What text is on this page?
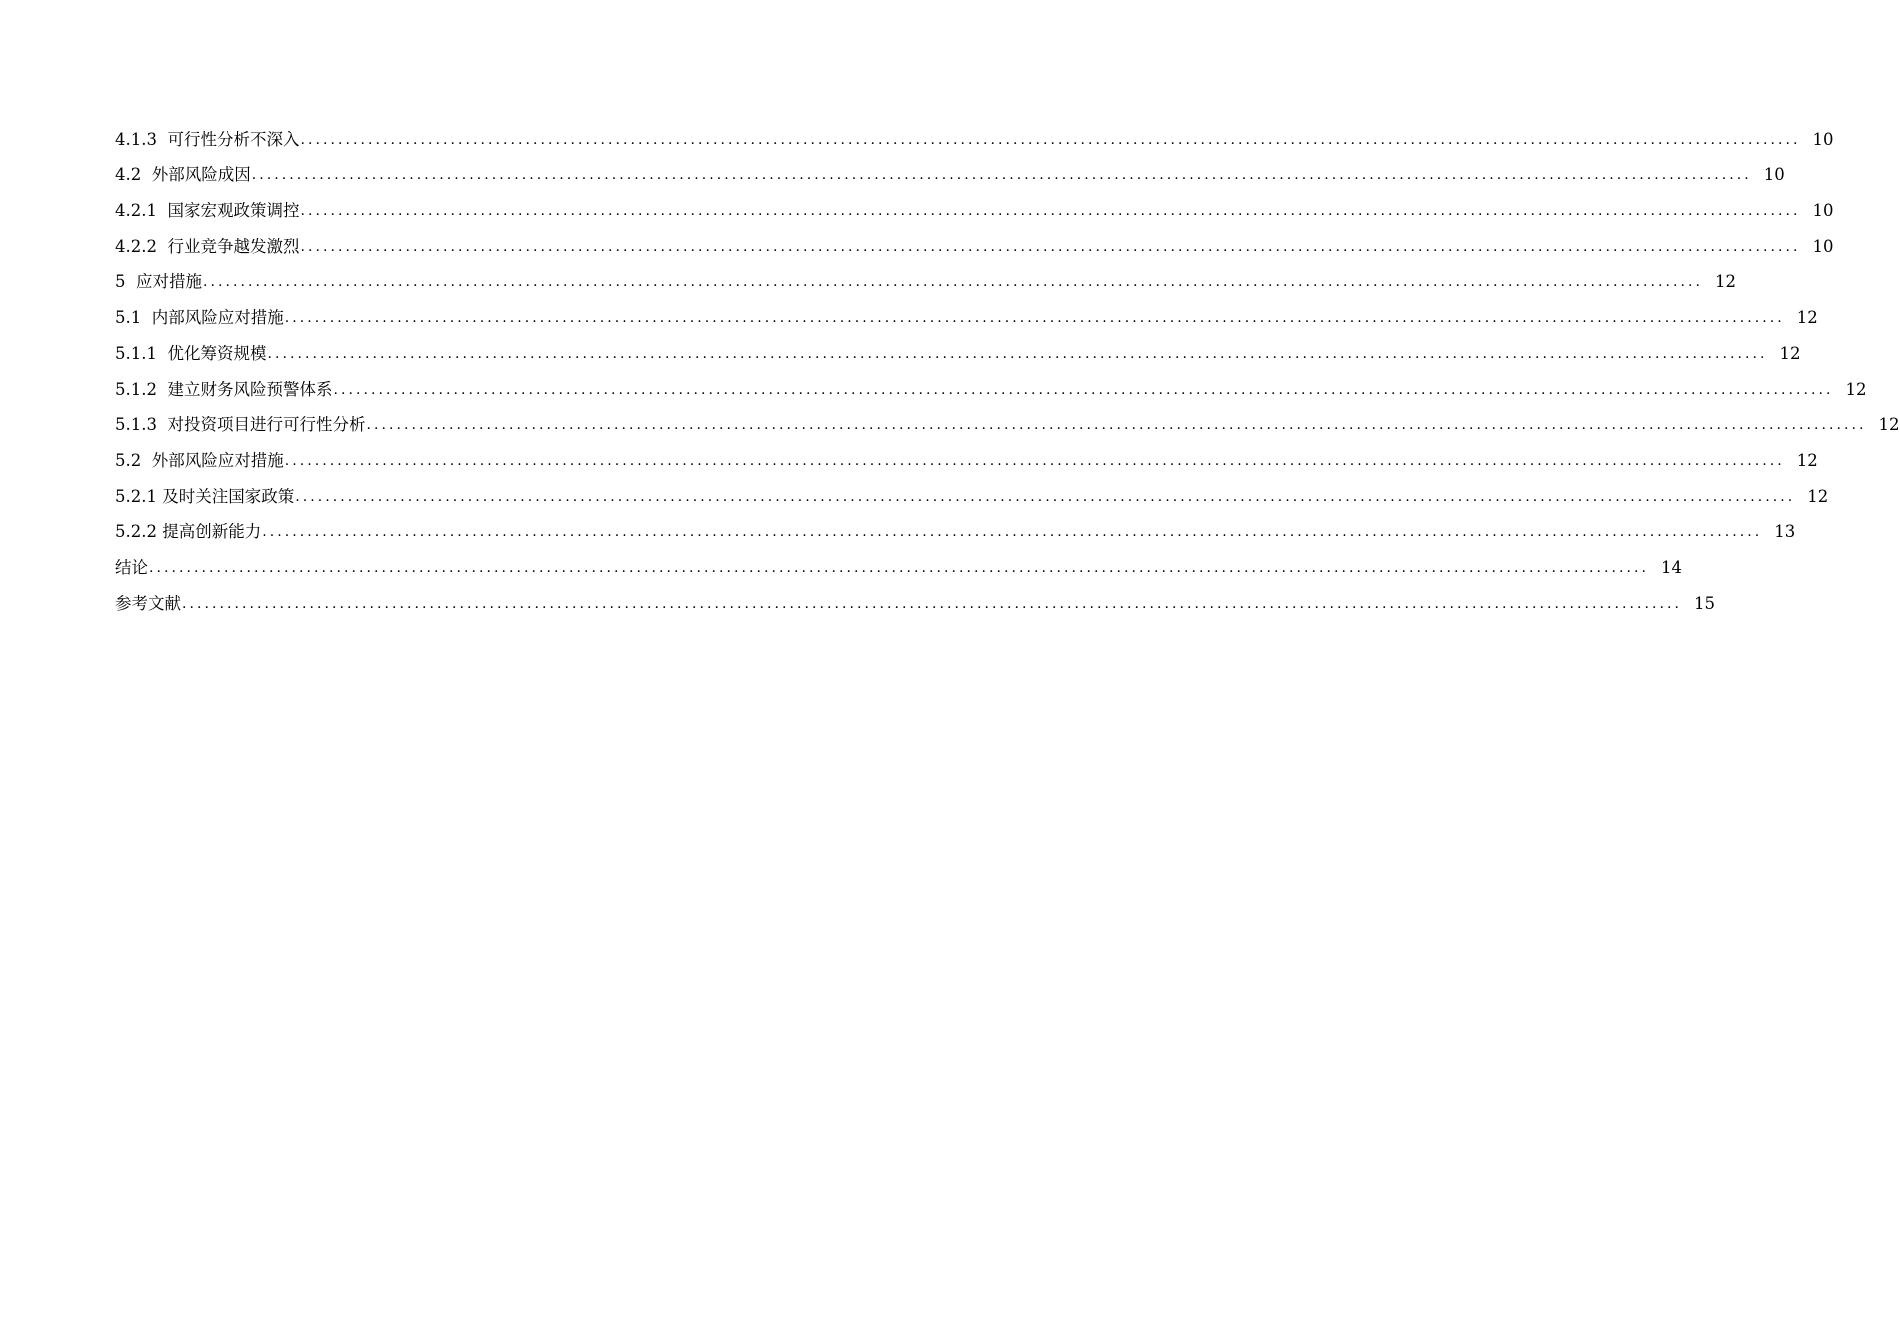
4.1.3  可行性分析不深入 ........................................................................................................................................................................................................ 10
4.2  外部风险成因 ........................................................................................................................................................................................................ 10
4.2.1  国家宏观政策调控 ........................................................................................................................................................................................................ 10
4.2.2  行业竞争越发激烈 ........................................................................................................................................................................................................ 10
5  应对措施 ........................................................................................................................................................................................................ 12
5.1  内部风险应对措施 ........................................................................................................................................................................................................ 12
5.1.1  优化筹资规模 ........................................................................................................................................................................................................ 12
5.1.2  建立财务风险预警体系 ........................................................................................................................................................................................................ 12
5.1.3  对投资项目进行可行性分析 ........................................................................................................................................................................................................ 12
5.2  外部风险应对措施 ........................................................................................................................................................................................................ 12
5.2.1 及时关注国家政策 ........................................................................................................................................................................................................ 12
5.2.2 提高创新能力 ........................................................................................................................................................................................................ 13
结论 ........................................................................................................................................................................................................ 14
参考文献 ........................................................................................................................................................................................................ 15
